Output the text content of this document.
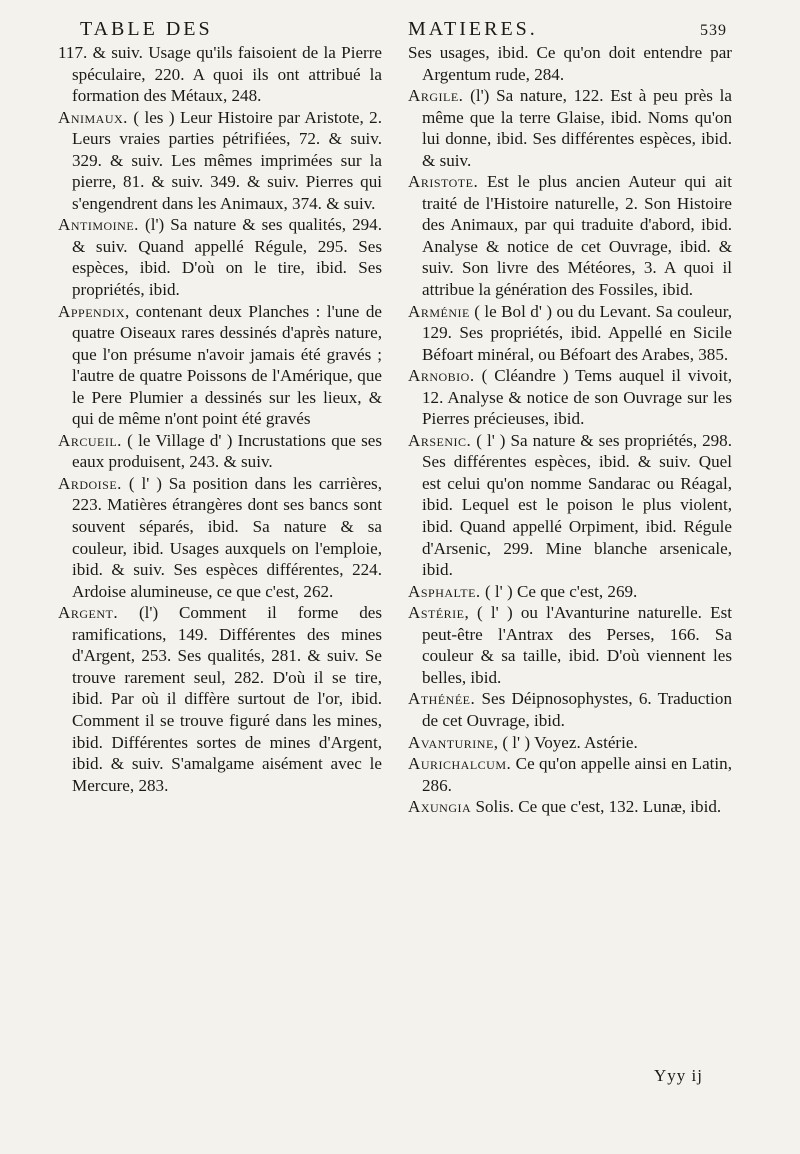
TABLE DES	MATIERES.	539

117. & suiv. Usage qu'ils faisoient de la Pierre spéculaire, 220. A quoi ils ont attribué la formation des Métaux, 248.

Animaux. ( les ) Leur Histoire par Aristote, 2. Leurs vraies parties pétrifiées, 72. & suiv. 329. & suiv. Les mêmes imprimées sur la pierre, 81. & suiv. 349. & suiv. Pierres qui s'engendrent dans les Animaux, 374. & suiv.

Antimoine. (l') Sa nature & ses qualités, 294. & suiv. Quand appellé Régule, 295. Ses espèces, ibid. D'où on le tire, ibid. Ses propriétés, ibid.

Appendix, contenant deux Planches : l'une de quatre Oiseaux rares dessinés d'après nature, que l'on présume n'avoir jamais été gravés ; l'autre de quatre Poissons de l'Amérique, que le Pere Plumier a dessinés sur les lieux, & qui de même n'ont point été gravés

Arcueil. ( le Village d' ) Incrustations que ses eaux produisent, 243. & suiv.

Ardoise. ( l' ) Sa position dans les carrières, 223. Matières étrangères dont ses bancs sont souvent séparés, ibid. Sa nature & sa couleur, ibid. Usages auxquels on l'emploie, ibid. & suiv. Ses espèces différentes, 224. Ardoise alumineuse, ce que c'est, 262.

Argent. (l') Comment il forme des ramifications, 149. Différentes des mines d'Argent, 253. Ses qualités, 281. & suiv. Se trouve rarement seul, 282. D'où il se tire, ibid. Par où il diffère surtout de l'or, ibid. Comment il se trouve figuré dans les mines, ibid. Différentes sortes de mines d'Argent, ibid. & suiv. S'amalgame aisément avec le Mercure, 283.

Ses usages, ibid. Ce qu'on doit entendre par Argentum rude, 284.

Argile. (l') Sa nature, 122. Est à peu près la même que la terre Glaise, ibid. Noms qu'on lui donne, ibid. Ses différentes espèces, ibid. & suiv.

Aristote. Est le plus ancien Auteur qui ait traité de l'Histoire naturelle, 2. Son Histoire des Animaux, par qui traduite d'abord, ibid. Analyse & notice de cet Ouvrage, ibid. & suiv. Son livre des Météores, 3. A quoi il attribue la génération des Fossiles, ibid.

Arménie ( le Bol d' ) ou du Levant. Sa couleur, 129. Ses propriétés, ibid. Appellé en Sicile Béfoart minéral, ou Béfoart des Arabes, 385.

Arnobio. ( Cléandre ) Tems auquel il vivoit, 12. Analyse & notice de son Ouvrage sur les Pierres précieuses, ibid.

Arsenic. ( l' ) Sa nature & ses propriétés, 298. Ses différentes espèces, ibid. & suiv. Quel est celui qu'on nomme Sandarac ou Réagal, ibid. Lequel est le poison le plus violent, ibid. Quand appellé Orpiment, ibid. Régule d'Arsenic, 299. Mine blanche arsenicale, ibid.

Asphalte. ( l' ) Ce que c'est, 269.

Astérie, ( l' ) ou l'Avanturine naturelle. Est peut-être l'Antrax des Perses, 166. Sa couleur & sa taille, ibid. D'où viennent les belles, ibid.

Athénée. Ses Déipnosophystes, 6. Traduction de cet Ouvrage, ibid.

Avanturine, ( l' ) Voyez. Astérie.

Aurichalcum. Ce qu'on appelle ainsi en Latin, 286.

Axungia Solis. Ce que c'est, 132. Lunæ, ibid.

Yyy ij
